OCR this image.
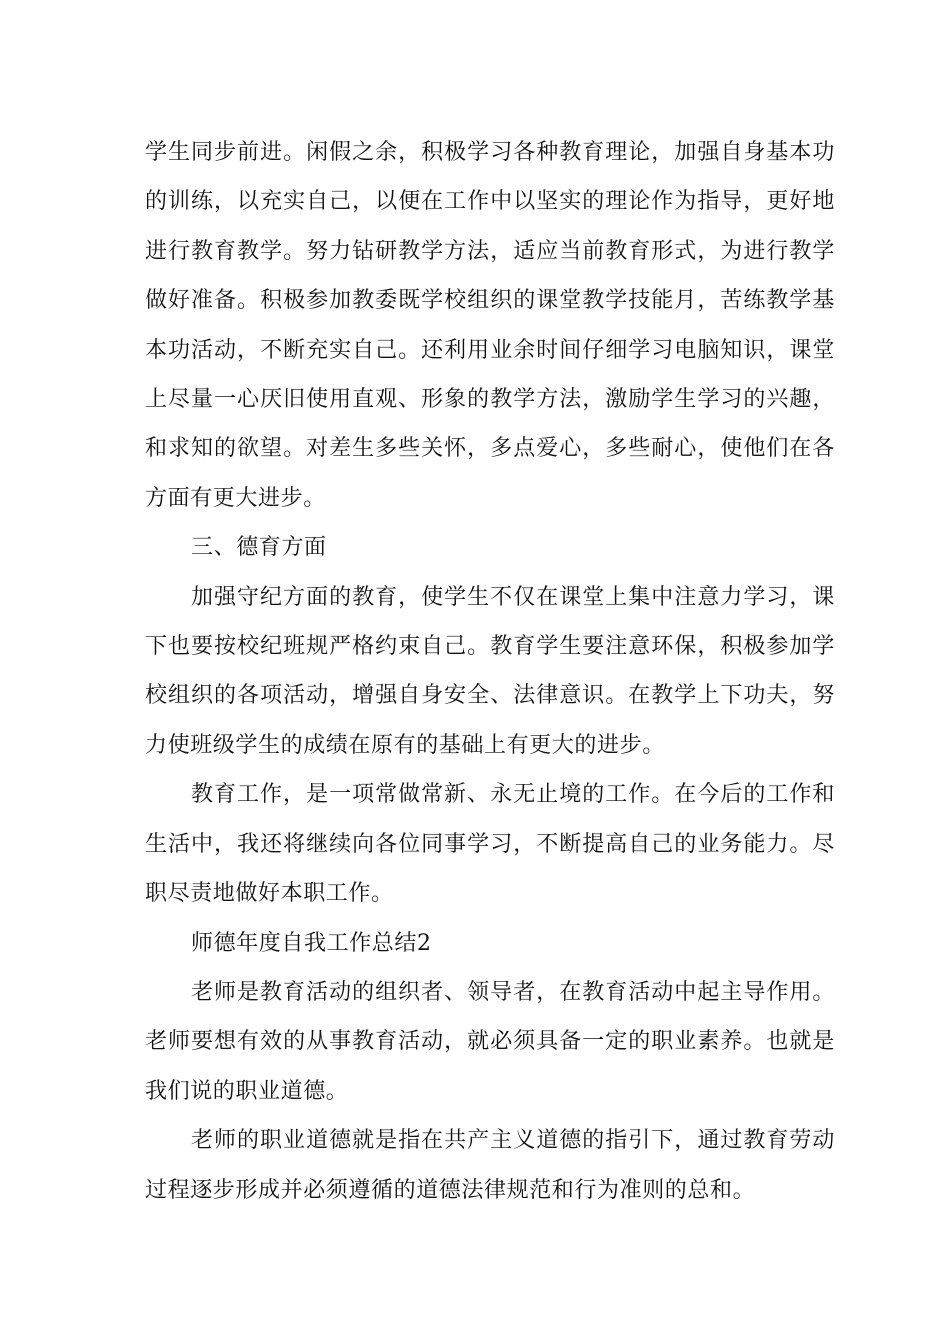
学生同步前进。闲假之余，积极学习各种教育理论，加强自身基本功的训练，以充实自己，以便在工作中以坚实的理论作为指导，更好地进行教育教学。努力钻研教学方法，适应当前教育形式，为进行教学做好准备。积极参加教委既学校组织的课堂教学技能月，苦练教学基本功活动，不断充实自己。还利用业余时间仔细学习电脑知识，课堂上尽量一心厌旧使用直观、形象的教学方法，激励学生学习的兴趣，和求知的欲望。对差生多些关怀，多点爱心，多些耐心，使他们在各方面有更大进步。

三、德育方面

加强守纪方面的教育，使学生不仅在课堂上集中注意力学习，课下也要按校纪班规严格约束自己。教育学生要注意环保，积极参加学校组织的各项活动，增强自身安全、法律意识。在教学上下功夫，努力使班级学生的成绩在原有的基础上有更大的进步。

教育工作，是一项常做常新、永无止境的工作。在今后的工作和生活中，我还将继续向各位同事学习，不断提高自己的业务能力。尽职尽责地做好本职工作。

师德年度自我工作总结2

老师是教育活动的组织者、领导者，在教育活动中起主导作用。老师要想有效的从事教育活动，就必须具备一定的职业素养。也就是我们说的职业道德。

老师的职业道德就是指在共产主义道德的指引下，通过教育劳动过程逐步形成并必须遵循的道德法律规范和行为准则的总和。
